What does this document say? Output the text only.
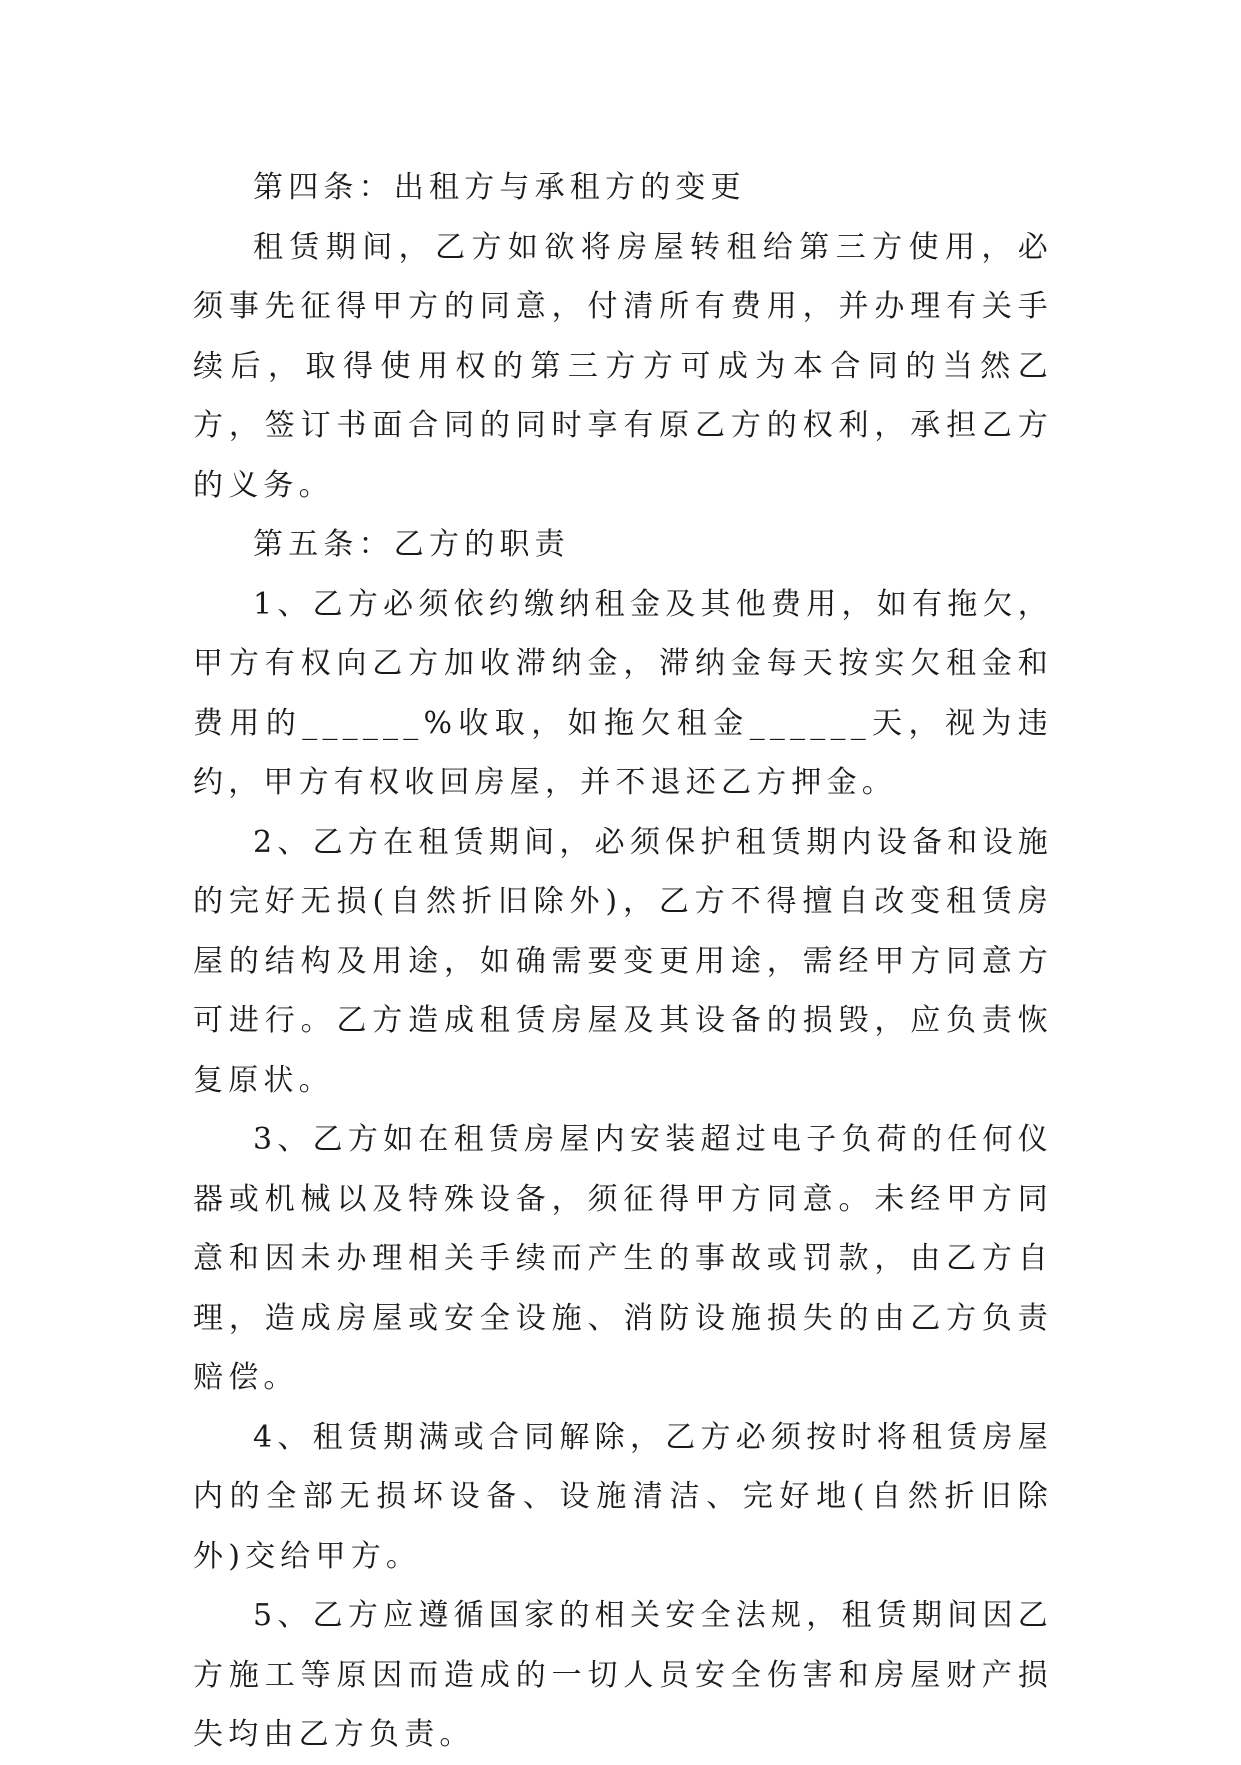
第四条：出租方与承租方的变更

租赁期间，乙方如欲将房屋转租给第三方使用，必须事先征得甲方的同意，付清所有费用，并办理有关手续后，取得使用权的第三方方可成为本合同的当然乙方，签订书面合同的同时享有原乙方的权利，承担乙方的义务。

第五条：乙方的职责

1、乙方必须依约缴纳租金及其他费用，如有拖欠，甲方有权向乙方加收滞纳金，滞纳金每天按实欠租金和费用的______%收取，如拖欠租金______天，视为违约，甲方有权收回房屋，并不退还乙方押金。

2、乙方在租赁期间，必须保护租赁期内设备和设施的完好无损(自然折旧除外)，乙方不得擅自改变租赁房屋的结构及用途，如确需要变更用途，需经甲方同意方可进行。乙方造成租赁房屋及其设备的损毁，应负责恢复原状。

3、乙方如在租赁房屋内安装超过电子负荷的任何仪器或机械以及特殊设备，须征得甲方同意。未经甲方同意和因未办理相关手续而产生的事故或罚款，由乙方自理，造成房屋或安全设施、消防设施损失的由乙方负责赔偿。

4、租赁期满或合同解除，乙方必须按时将租赁房屋内的全部无损坏设备、设施清洁、完好地(自然折旧除外)交给甲方。

5、乙方应遵循国家的相关安全法规，租赁期间因乙方施工等原因而造成的一切人员安全伤害和房屋财产损失均由乙方负责。
